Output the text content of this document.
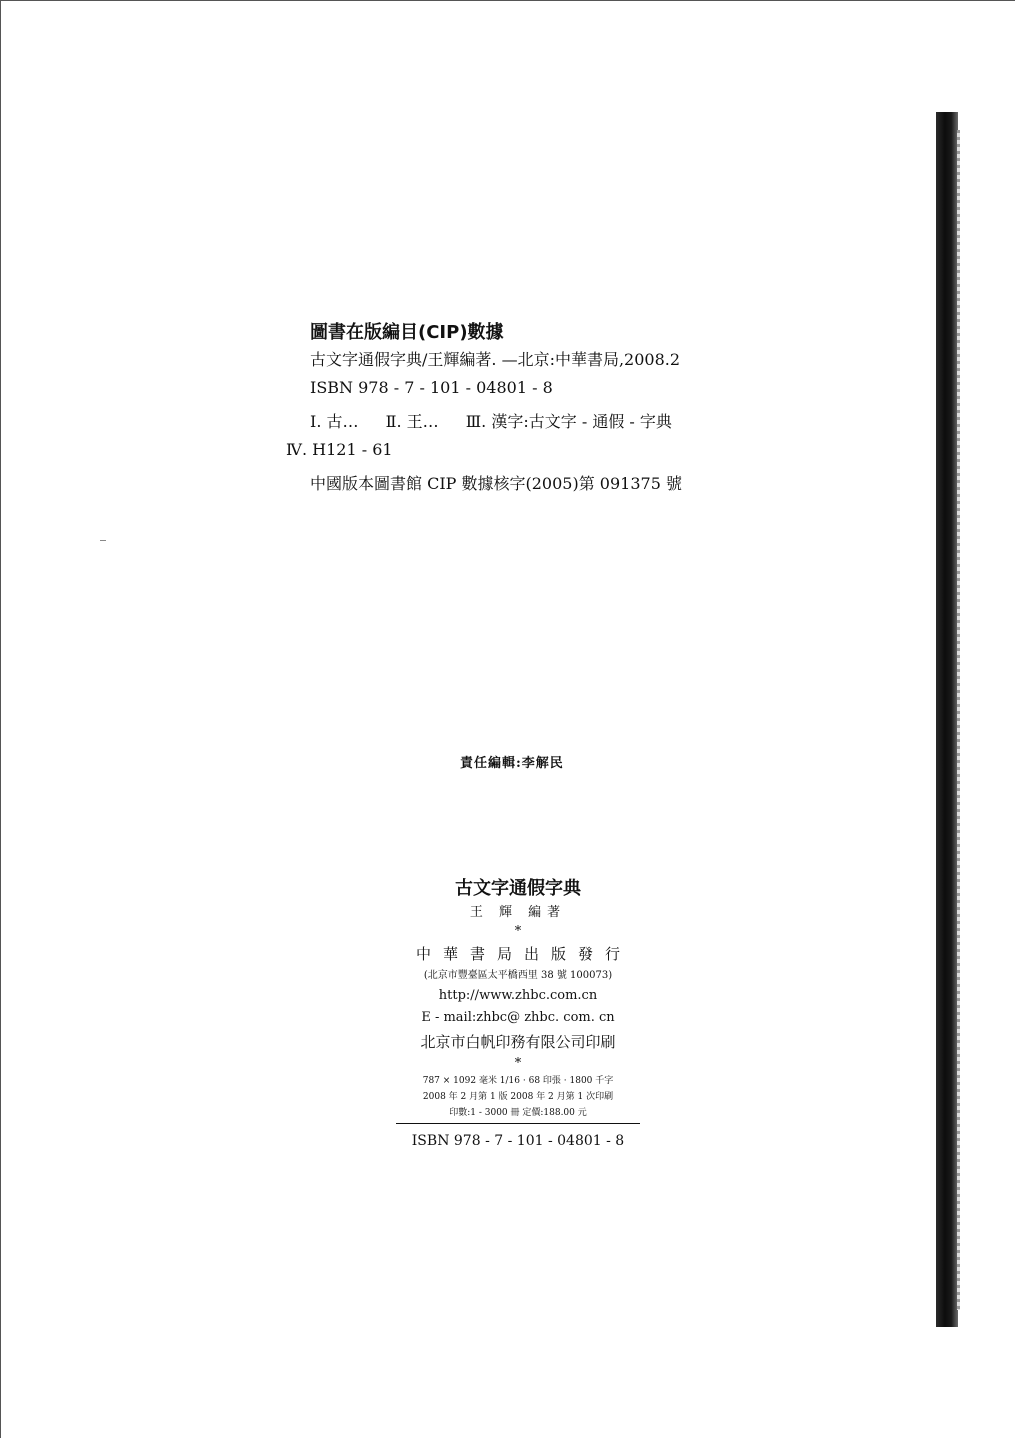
圖書在版編目(CIP)數據
古文字通假字典/王輝編著. —北京:中華書局,2008.2
ISBN 978 - 7 - 101 - 04801 - 8
Ⅰ. 古… Ⅱ. 王… Ⅲ. 漢字:古文字 - 通假 - 字典
Ⅳ. H121 - 61
中國版本圖書館 CIP 數據核字(2005)第 091375 號
責任編輯:李解民
古文字通假字典
王 輝 編著
*
中華書局出版發行
(北京市豐臺區太平橋西里 38 號 100073)
http://www.zhbc.com.cn
E - mail:zhbc@ zhbc. com. cn
北京市白帆印務有限公司印刷
*
787 × 1092 毫米 1/16 · 68 印張 · 1800 千字
2008 年 2 月第 1 版 2008 年 2 月第 1 次印刷
印數:1 - 3000 冊 定價:188.00 元
ISBN 978 - 7 - 101 - 04801 - 8
